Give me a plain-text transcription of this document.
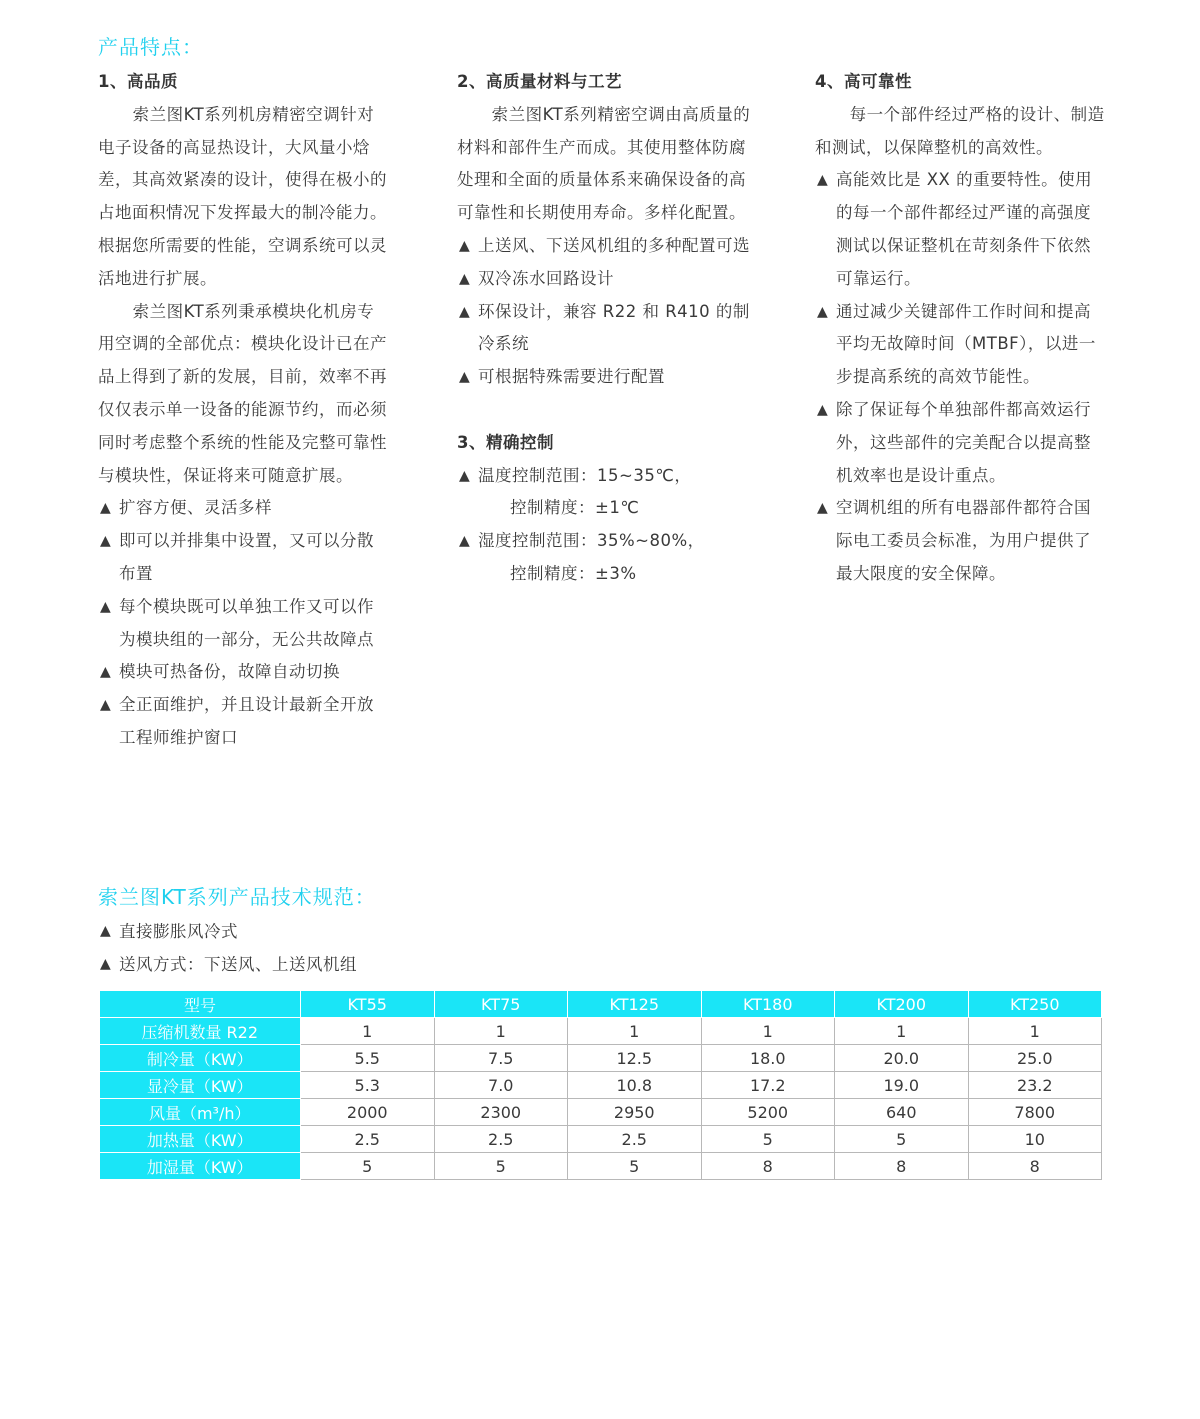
产品特点：

1、高品质

索兰图KT系列机房精密空调针对电子设备的高显热设计，大风量小焓差，其高效紧凑的设计，使得在极小的占地面积情况下发挥最大的制冷能力。根据您所需要的性能，空调系统可以灵活地进行扩展。

索兰图KT系列秉承模块化机房专用空调的全部优点：模块化设计已在产品上得到了新的发展，目前，效率不再仅仅表示单一设备的能源节约，而必须同时考虑整个系统的性能及完整可靠性与模块性，保证将来可随意扩展。

▲ 扩容方便、灵活多样

▲ 即可以并排集中设置，又可以分散布置

▲ 每个模块既可以单独工作又可以作为模块组的一部分，无公共故障点

▲ 模块可热备份，故障自动切换

▲ 全正面维护，并且设计最新全开放工程师维护窗口

2、高质量材料与工艺

索兰图KT系列精密空调由高质量的材料和部件生产而成。其使用整体防腐处理和全面的质量体系来确保设备的高可靠性和长期使用寿命。多样化配置。

▲ 上送风、下送风机组的多种配置可选

▲ 双冷冻水回路设计

▲ 环保设计，兼容 R22 和 R410 的制冷系统

▲ 可根据特殊需要进行配置

3、精确控制

▲ 温度控制范围：15~35℃，

控制精度：±1℃

▲ 湿度控制范围：35%~80%，

控制精度：±3%

4、高可靠性

每一个部件经过严格的设计、制造和测试，以保障整机的高效性。

▲ 高能效比是 XX 的重要特性。使用的每一个部件都经过严谨的高强度测试以保证整机在苛刻条件下依然可靠运行。

▲ 通过减少关键部件工作时间和提高平均无故障时间（MTBF），以进一步提高系统的高效节能性。

▲ 除了保证每个单独部件都高效运行外，这些部件的完美配合以提高整机效率也是设计重点。

▲ 空调机组的所有电器部件都符合国际电工委员会标准，为用户提供了最大限度的安全保障。

索兰图KT系列产品技术规范：

▲ 直接膨胀风冷式

▲ 送风方式：下送风、上送风机组

型号	KT55	KT75	KT125	KT180	KT200	KT250
压缩机数量 R22	1	1	1	1	1	1
制冷量（KW）	5.5	7.5	12.5	18.0	20.0	25.0
显冷量（KW）	5.3	7.0	10.8	17.2	19.0	23.2
风量（m³/h）	2000	2300	2950	5200	640	7800
加热量（KW）	2.5	2.5	2.5	5	5	10
加湿量（KW）	5	5	5	8	8	8
